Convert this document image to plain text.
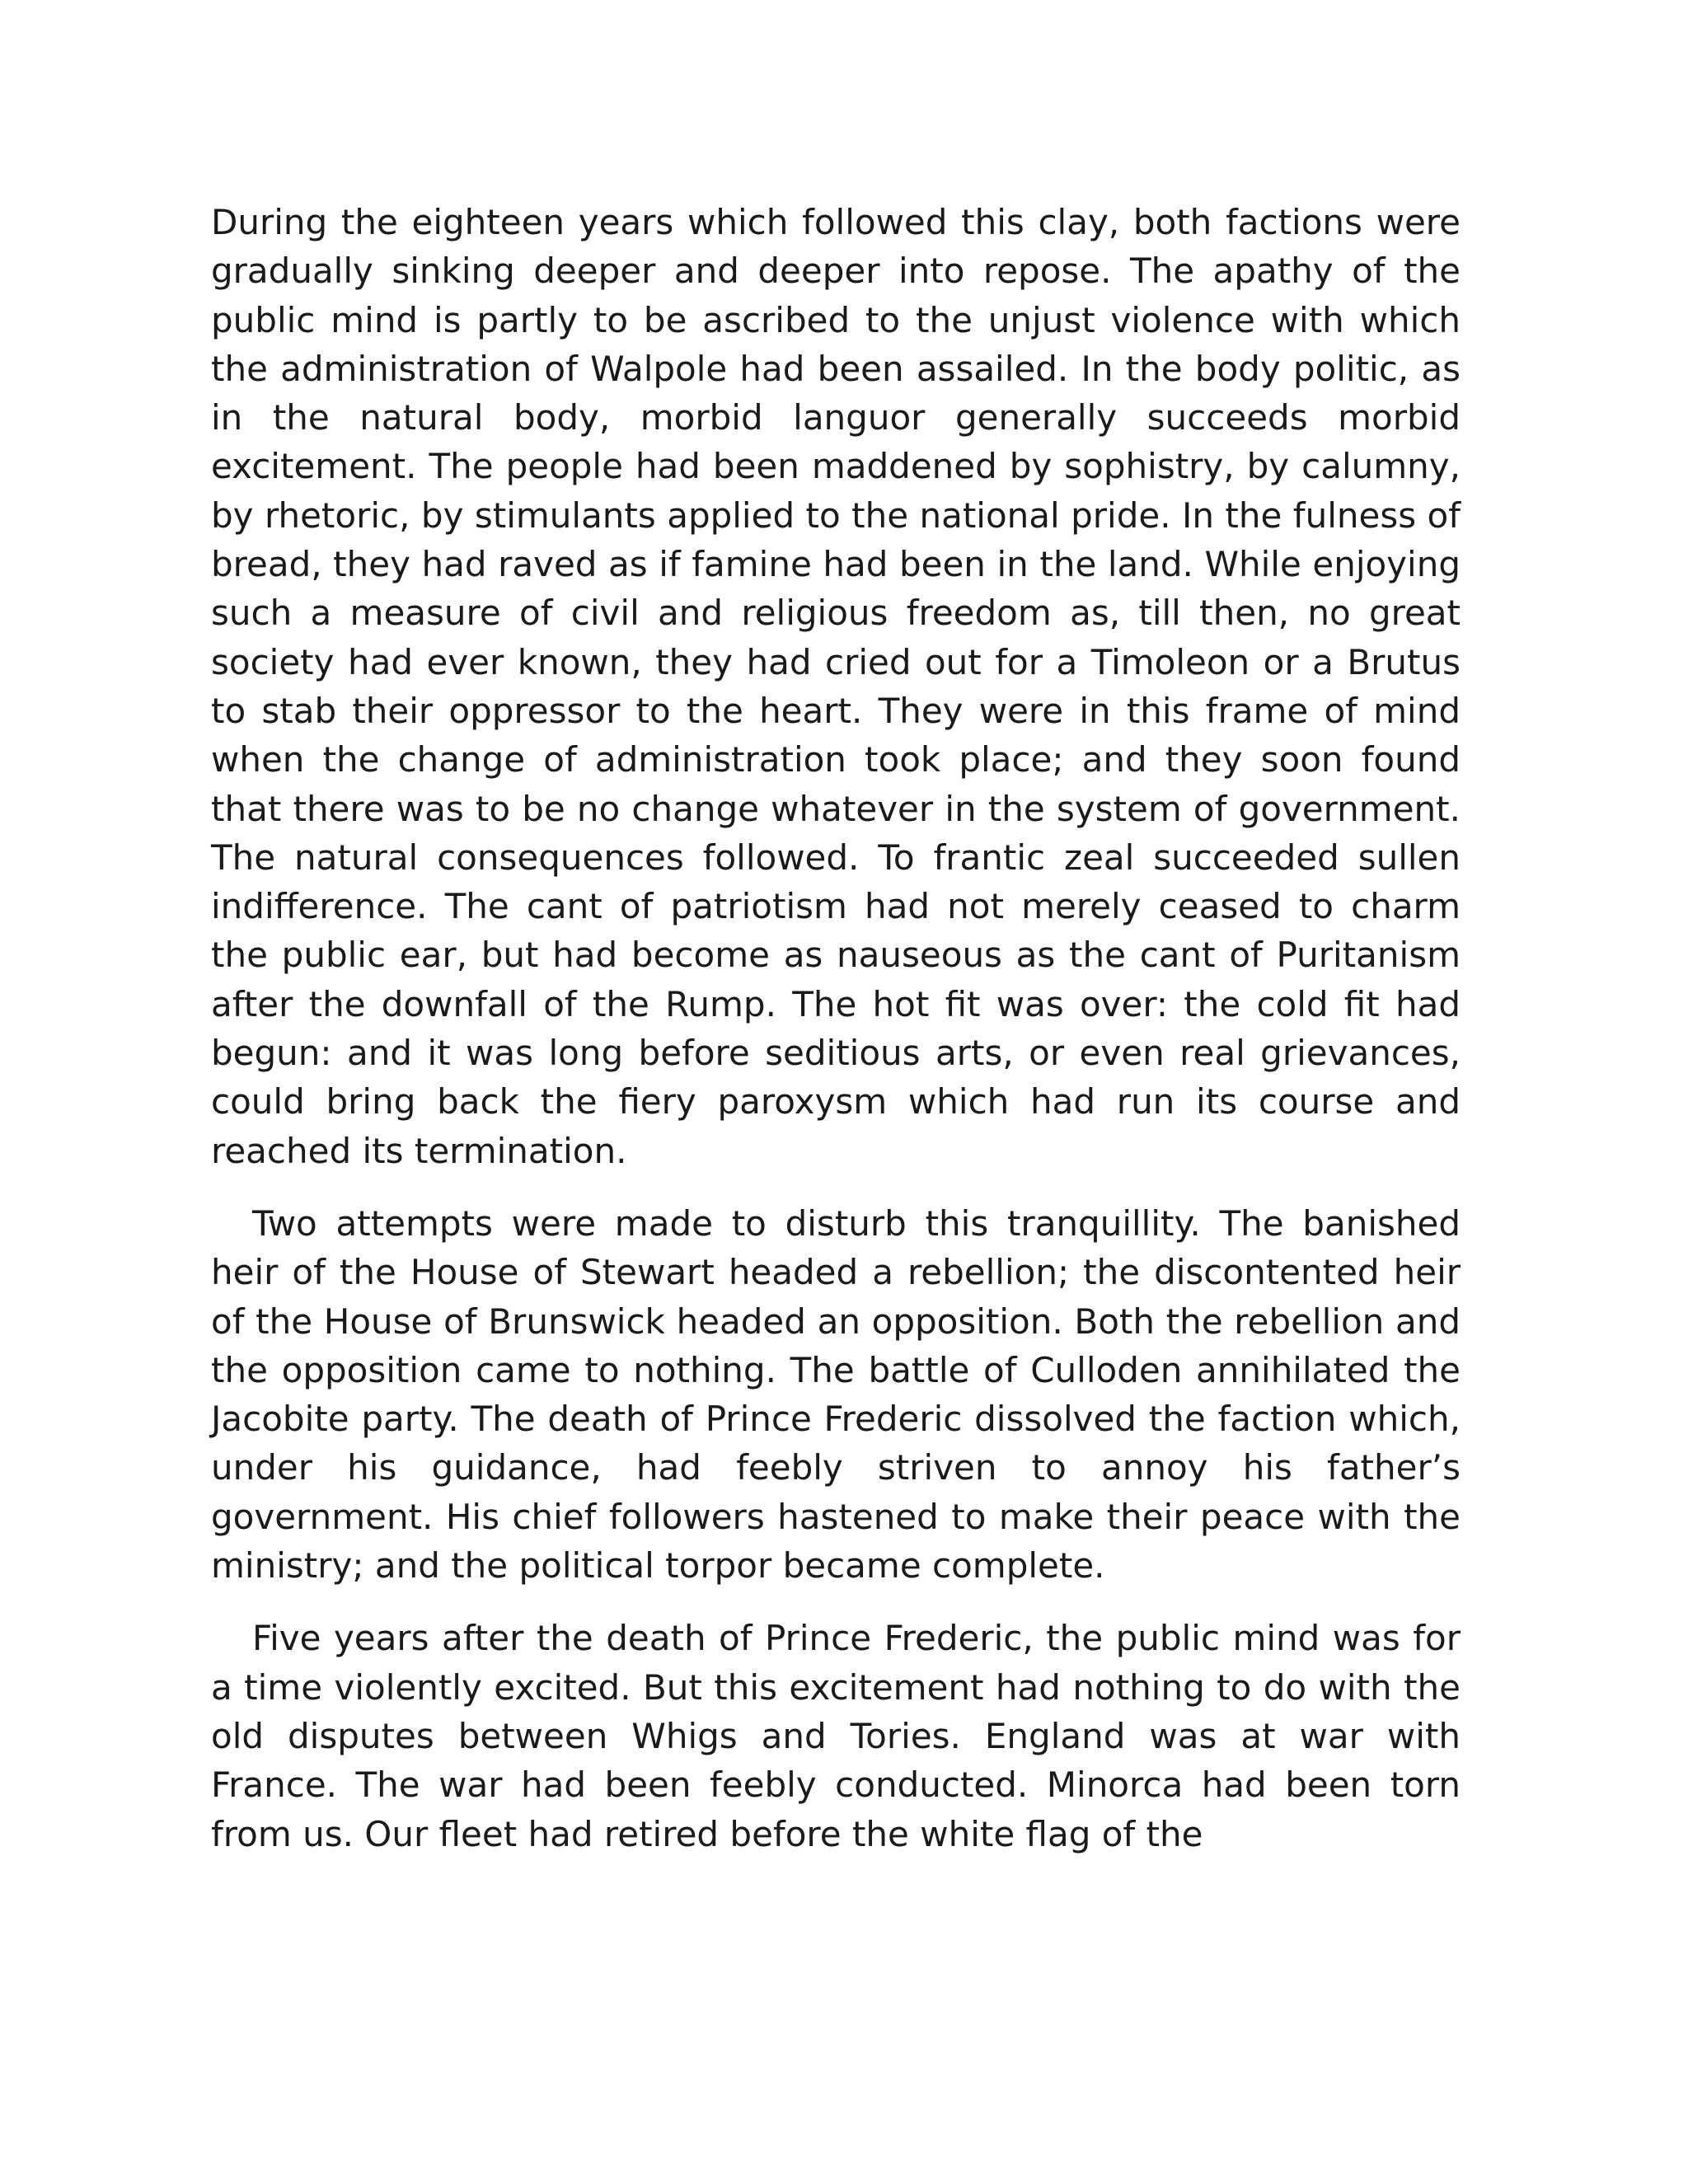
During the eighteen years which followed this clay, both factions were gradually sinking deeper and deeper into repose. The apathy of the public mind is partly to be ascribed to the unjust violence with which the administration of Walpole had been assailed. In the body politic, as in the natural body, morbid languor generally succeeds morbid excitement. The people had been maddened by sophistry, by calumny, by rhetoric, by stimulants applied to the national pride. In the fulness of bread, they had raved as if famine had been in the land. While enjoying such a measure of civil and religious freedom as, till then, no great society had ever known, they had cried out for a Timoleon or a Brutus to stab their oppressor to the heart. They were in this frame of mind when the change of administration took place; and they soon found that there was to be no change whatever in the system of government. The natural consequences followed. To frantic zeal succeeded sullen indifference. The cant of patriotism had not merely ceased to charm the public ear, but had become as nauseous as the cant of Puritanism after the downfall of the Rump. The hot fit was over: the cold fit had begun: and it was long before seditious arts, or even real grievances, could bring back the fiery paroxysm which had run its course and reached its termination.

Two attempts were made to disturb this tranquillity. The banished heir of the House of Stewart headed a rebellion; the discontented heir of the House of Brunswick headed an opposition. Both the rebellion and the opposition came to nothing. The battle of Culloden annihilated the Jacobite party. The death of Prince Frederic dissolved the faction which, under his guidance, had feebly striven to annoy his father’s government. His chief followers hastened to make their peace with the ministry; and the political torpor became complete.

Five years after the death of Prince Frederic, the public mind was for a time violently excited. But this excitement had nothing to do with the old disputes between Whigs and Tories. England was at war with France. The war had been feebly conducted. Minorca had been torn from us. Our fleet had retired before the white flag of the
